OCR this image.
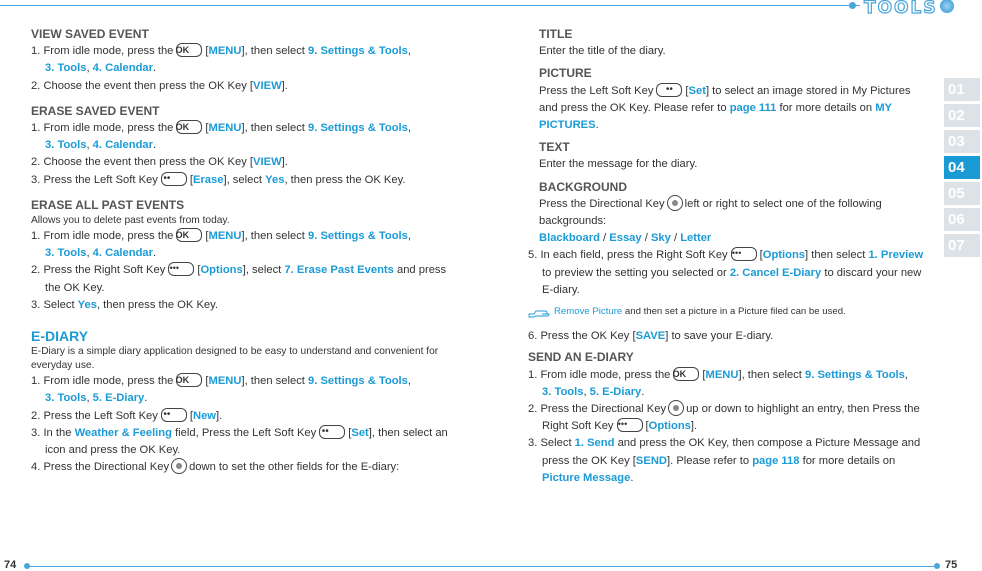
TOOLS
01
02
03
04
05
06
07
VIEW SAVED EVENT
1. From idle mode, press the OK	[MENU], then select 9. Settings & Tools,
3. Tools, 4. Calendar.
2. Choose the event then press the OK Key [VIEW].
ERASE SAVED EVENT
1. From idle mode, press the OK	[MENU], then select 9. Settings & Tools,
3. Tools, 4. Calendar.
2. Choose the event then press the OK Key [VIEW].
3. Press the Left Soft Key ••	[Erase], select Yes, then press the OK Key.
ERASE ALL PAST EVENTS
Allows you to delete past events from today.
1. From idle mode, press the OK	[MENU], then select 9. Settings & Tools,
3. Tools, 4. Calendar.
2. Press the Right Soft Key •••	[Options], select 7. Erase Past Events and press the OK Key.
3. Select Yes, then press the OK Key.
E-DIARY
E-Diary is a simple diary application designed to be easy to understand and convenient for everyday use.
1. From idle mode, press the OK	[MENU], then select 9. Settings & Tools,
3. Tools, 5. E-Diary.
2. Press the Left Soft Key ••	[New].
3. In the Weather & Feeling field, Press the Left Soft Key ••	[Set], then select an icon and press the OK Key.
4. Press the Directional Key down to set the other fields for the E-diary:
TITLE
Enter the title of the diary.
PICTURE
Press the Left Soft Key ••	[Set] to select an image stored in My Pictures and press the OK Key. Please refer to page 111 for more details on MY PICTURES.
TEXT
Enter the message for the diary.
BACKGROUND
Press the Directional Key left or right to select one of the following backgrounds:
Blackboard / Essay / Sky / Letter
5. In each field, press the Right Soft Key •••	[Options] then select 1. Preview to preview the setting you selected or 2. Cancel E-Diary to discard your new E-diary.
Remove Picture and then set a picture in a Picture filed can be used.
6. Press the OK Key [SAVE] to save your E-diary.
SEND AN E-DIARY
1. From idle mode, press the OK	[MENU], then select 9. Settings & Tools,
3. Tools, 5. E-Diary.
2. Press the Directional Key up or down to highlight an entry, then Press the Right Soft Key •••	[Options].
3. Select 1. Send and press the OK Key, then compose a Picture Message and press the OK Key [SEND]. Please refer to page 118 for more details on Picture Message.
74	75
